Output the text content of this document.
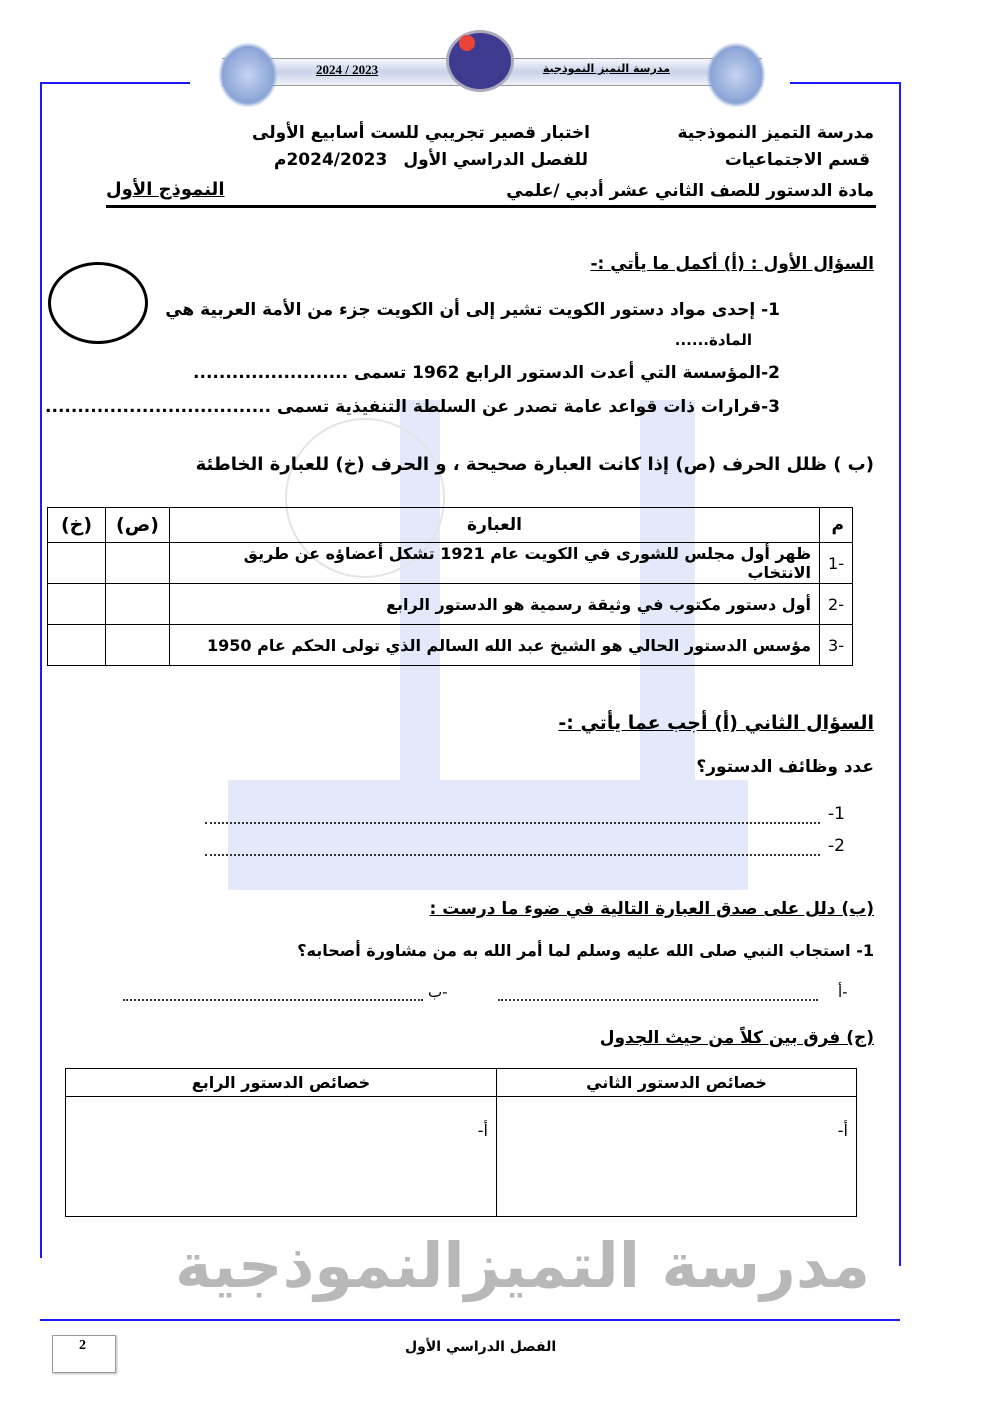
2024 / 2023	مدرسة التميز النموذجية
مدرسة التميز النموذجية
قسم الاجتماعيات
مادة الدستور للصف الثاني عشر أدبي /علمي
اختبار قصير تجريبي للست أسابيع الأولى
للفصل الدراسي الأول
2024/2023م
النموذج الأول
السؤال الأول : (أ) أكمل ما يأتي :-
1- إحدى مواد دستور الكويت تشير إلى أن الكويت جزء من الأمة العربية هي
المادة......
2-المؤسسة التي أعدت الدستور الرابع 1962 تسمى ........................
3-قرارات ذات قواعد عامة تصدر عن السلطة التنفيذية تسمى ...................................
(ب ) ظلل الحرف (ص) إذا كانت العبارة صحيحة ، و الحرف (خ) للعبارة الخاطئة
م	العبارة	(ص)	(خ)
-1	ظهر أول مجلس للشورى في الكويت عام 1921 تشكل أعضاؤه عن طريق الانتخاب		
-2	أول دستور مكتوب في وثيقة رسمية هو الدستور الرابع		
-3	مؤسس الدستور الحالي هو الشيخ عبد الله السالم الذي تولى الحكم عام 1950		
السؤال الثاني (أ) أجب عما يأتي :-
عدد وظائف الدستور؟
-1
-2
(ب) دلل على صدق العبارة التالية في ضوء ما درست :
1- استجاب النبي صلى الله عليه وسلم لما أمر الله به من مشاورة أصحابه؟
أ-
ب-
(ج) فرق بين كلاً من حيث الجدول
خصائص الدستور الثاني	خصائص الدستور الرابع
أ-	أ-
مدرسة التميزالنموذجية
الفصل الدراسي الأول
2
